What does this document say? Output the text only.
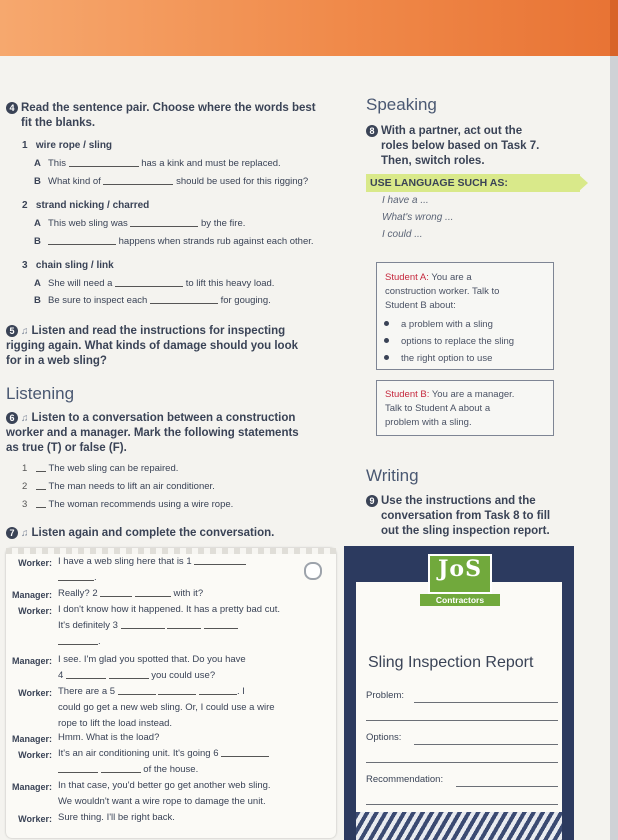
4 Read the sentence pair. Choose where the words best
fit the blanks.
1 wire rope / sling
A This	has a kink and must be replaced.
B What kind of	should be used for this rigging?
2 strand nicking / charred
A This web sling was	by the fire.
B	happens when strands rub against each other.
3 chain sling / link
A She will need a	to lift this heavy load.
B Be sure to inspect each	for gouging.
5 ♫ Listen and read the instructions for inspecting
rigging again. What kinds of damage should you look
for in a web sling?
Listening
6 ♫ Listen to a conversation between a construction
worker and a manager. Mark the following statements
as true (T) or false (F).
1 The web sling can be repaired.
2 The man needs to lift an air conditioner.
3 The woman recommends using a wire rope.
7 ♫ Listen again and complete the conversation.
Worker: I have a web sling here that is 1
.
Manager: Really? 2	with it?
Worker: I don't know how it happened. It has a pretty bad cut.
It's definitely 3
.
Manager: I see. I'm glad you spotted that. Do you have
4	you could use?
Worker: There are a 5	. I
could go get a new web sling. Or, I could use a wire
rope to lift the load instead.
Manager: Hmm. What is the load?
Worker: It's an air conditioning unit. It's going 6
of the house.
Manager: In that case, you'd better go get another web sling.
We wouldn't want a wire rope to damage the unit.
Worker: Sure thing. I'll be right back.
Speaking
8 With a partner, act out the
roles below based on Task 7.
Then, switch roles.
USE LANGUAGE SUCH AS:
I have a ...
What's wrong ...
I could ...

Student A: You are a

construction worker. Talk to

Student B about:

a problem with a sling
options to replace the sling
the right option to use

Student B: You are a manager.

Talk to Student A about a

problem with a sling.

Writing
9 Use the instructions and the
conversation from Task 8 to fill
out the sling inspection report.
Sling Inspection Report
Problem:
Options:
Recommendation:
JoS
Contractors
